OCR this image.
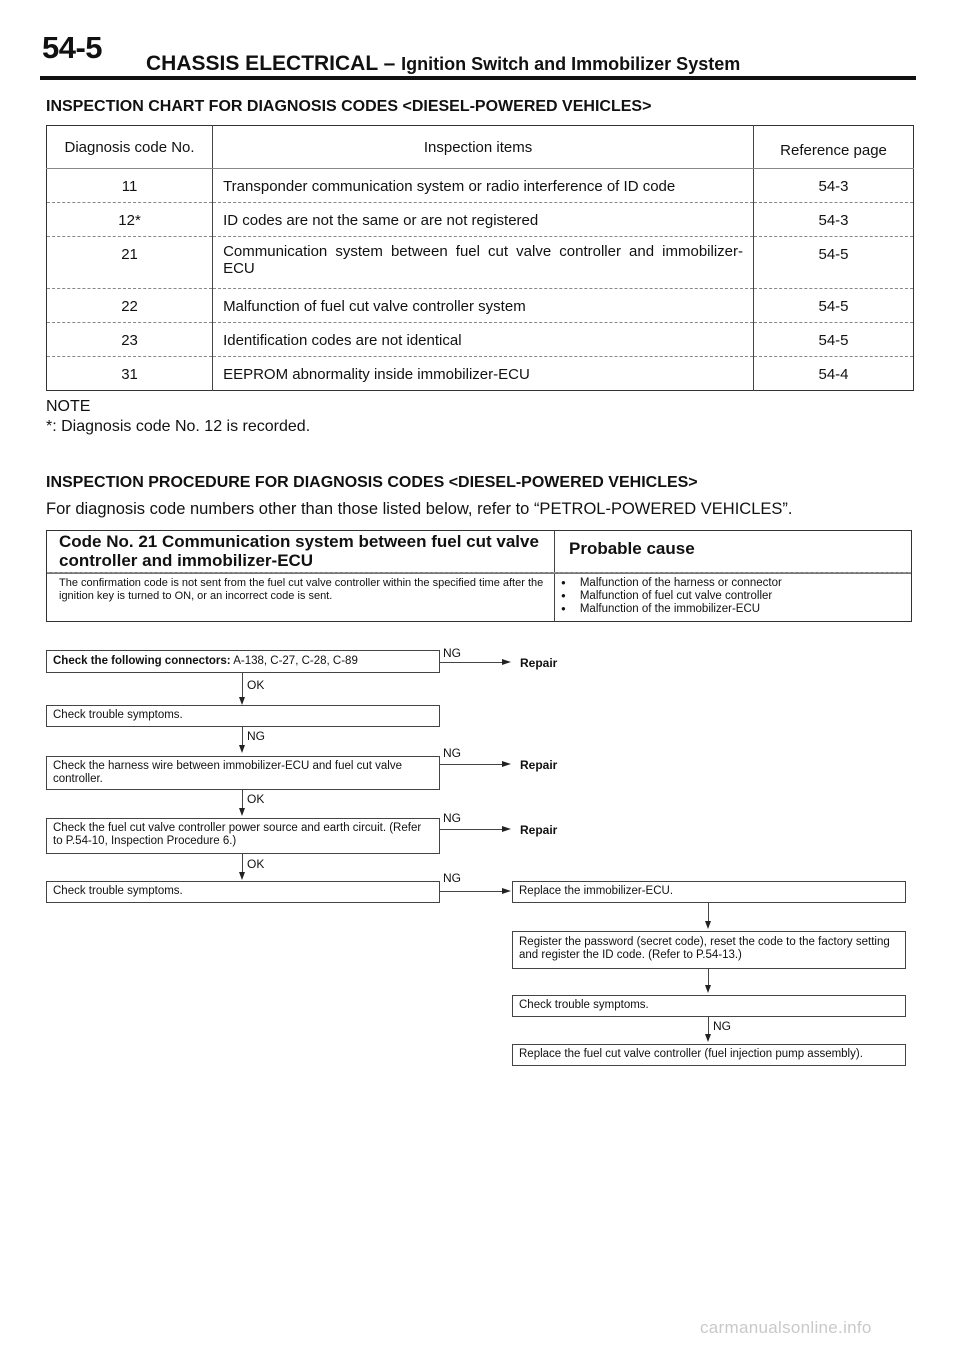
54-5 CHASSIS ELECTRICAL – Ignition Switch and Immobilizer System
INSPECTION CHART FOR DIAGNOSIS CODES <DIESEL-POWERED VEHICLES>
Diagnosis code No.	Inspection items	Reference page
11	Transponder communication system or radio interference of ID code	54-3
12*	ID codes are not the same or are not registered	54-3
21	Communication system between fuel cut valve controller and immobilizer-ECU	54-5
22	Malfunction of fuel cut valve controller system	54-5
23	Identification codes are not identical	54-5
31	EEPROM abnormality inside immobilizer-ECU	54-4
NOTE
*: Diagnosis code No. 12 is recorded.
INSPECTION PROCEDURE FOR DIAGNOSIS CODES <DIESEL-POWERED VEHICLES>
For diagnosis code numbers other than those listed below, refer to “PETROL-POWERED VEHICLES”.
Code No. 21 Communication system between fuel cut valve controller and immobilizer-ECU
Probable cause
The confirmation code is not sent from the fuel cut valve controller within the specified time after the ignition key is turned to ON, or an incorrect code is sent.
● Malfunction of the harness or connector
● Malfunction of fuel cut valve controller
● Malfunction of the immobilizer-ECU
Check the following connectors: A-138, C-27, C-28, C-89
NG
Repair
OK
Check trouble symptoms.
NG
Check the harness wire between immobilizer-ECU and fuel cut valve controller.
NG
Repair
OK
Check the fuel cut valve controller power source and earth circuit. (Refer to P.54-10, Inspection Procedure 6.)
NG
Repair
OK
Check trouble symptoms.
NG
Replace the immobilizer-ECU.
Register the password (secret code), reset the code to the factory setting and register the ID code. (Refer to P.54-13.)
Check trouble symptoms.
NG
Replace the fuel cut valve controller (fuel injection pump assembly).
carmanualsonline.info
